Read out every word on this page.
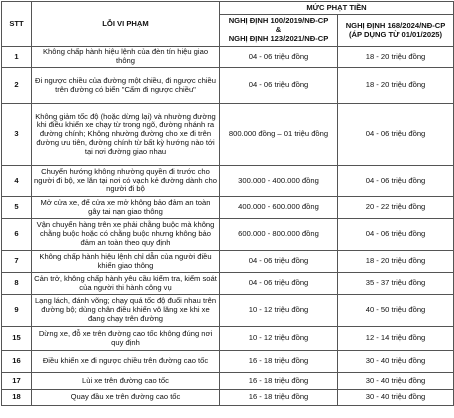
STT	LỖI VI PHẠM	MỨC PHẠT TIỀN	

		NGHỊ ĐỊNH 100/2019/NĐ-CP
&
NGHỊ ĐỊNH 123/2021/NĐ-CP	NGHỊ ĐỊNH 168/2024/NĐ-CP
(ÁP DỤNG TỪ 01/01/2025)

1	Không chấp hành hiệu lệnh của đèn tín hiệu giao thông	04 - 06 triệu đồng	18 - 20 triệu đồng
2	Đi ngược chiều của đường một chiều, đi ngược chiều trên đường có biển "Cấm đi ngược chiều"	04 - 06 triệu đồng	18 - 20 triệu đồng
3	Không giảm tốc độ (hoặc dừng lại) và nhường đường khi điều khiển xe chạy từ trong ngõ, đường nhánh ra đường chính; Không nhường đường cho xe đi trên đường ưu tiên, đường chính từ bất kỳ hướng nào tới tại nơi đường giao nhau	800.000 đồng – 01 triệu đồng	04 - 06 triệu đồng
4	Chuyển hướng không nhường quyền đi trước cho người đi bộ, xe lăn tại nơi có vạch kẻ đường dành cho người đi bộ	300.000 - 400.000 đồng	04 - 06 triệu đồng
5	Mở cửa xe, để cửa xe mở không bảo đảm an toàn gây tai nạn giao thông	400.000 - 600.000 đồng	20 - 22 triệu đồng
6	Vận chuyển hàng trên xe phải chằng buộc mà không chằng buộc hoặc có chằng buộc nhưng không bảo đảm an toàn theo quy định	600.000 - 800.000 đồng	04 - 06 triệu đồng
7	Không chấp hành hiệu lệnh chỉ dẫn của người điều khiển giao thông	04 - 06 triệu đồng	18 - 20 triệu đồng
8	Cản trở, không chấp hành yêu cầu kiểm tra, kiểm soát của người thi hành công vụ	04 - 06 triệu đồng	35 - 37 triệu đồng
9	Lạng lách, đánh võng; chạy quá tốc độ đuổi nhau trên đường bộ; dùng chân điều khiển vô lăng xe khi xe đang chạy trên đường	10 - 12 triệu đồng	40 - 50 triệu đồng
15	Dừng xe, đỗ xe trên đường cao tốc không đúng nơi quy định	10 - 12 triệu đồng	12 - 14 triệu đồng
16	Điều khiển xe đi ngược chiều trên đường cao tốc	16 - 18 triệu đồng	30 - 40 triệu đồng
17	Lùi xe trên đường cao tốc	16 - 18 triệu đồng	30 - 40 triệu đồng
18	Quay đầu xe trên đường cao tốc	16 - 18 triệu đồng	30 - 40 triệu đồng
